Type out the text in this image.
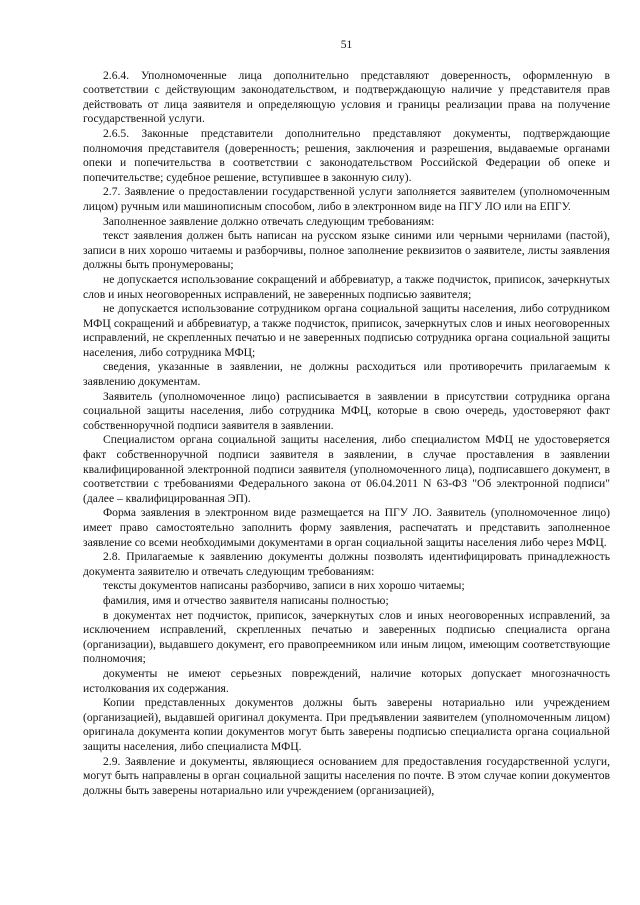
51

2.6.4. Уполномоченные лица дополнительно представляют доверенность, оформленную в соответствии с действующим законодательством, и подтверждающую наличие у представителя прав действовать от лица заявителя и определяющую условия и границы реализации права на получение государственной услуги.

2.6.5. Законные представители дополнительно представляют документы, подтверждающие полномочия представителя (доверенность; решения, заключения и разрешения, выдаваемые органами опеки и попечительства в соответствии с законодательством Российской Федерации об опеке и попечительстве; судебное решение, вступившее в законную силу).

2.7. Заявление о предоставлении государственной услуги заполняется заявителем (уполномоченным лицом) ручным или машинописным способом, либо в электронном виде на ПГУ ЛО или на ЕПГУ.

Заполненное заявление должно отвечать следующим требованиям:

текст заявления должен быть написан на русском языке синими или черными чернилами (пастой), записи в них хорошо читаемы и разборчивы, полное заполнение реквизитов о заявителе, листы заявления должны быть пронумерованы;

не допускается использование сокращений и аббревиатур, а также подчисток, приписок, зачеркнутых слов и иных неоговоренных исправлений, не заверенных подписью заявителя;

не допускается использование сотрудником органа социальной защиты населения, либо сотрудником МФЦ сокращений и аббревиатур, а также подчисток, приписок, зачеркнутых слов и иных неоговоренных исправлений, не скрепленных печатью и не заверенных подписью сотрудника органа социальной защиты населения, либо сотрудника МФЦ;

сведения, указанные в заявлении, не должны расходиться или противоречить прилагаемым к заявлению документам.

Заявитель (уполномоченное лицо) расписывается в заявлении в присутствии сотрудника органа социальной защиты населения, либо сотрудника МФЦ, которые в свою очередь, удостоверяют факт собственноручной подписи заявителя в заявлении.

Специалистом органа социальной защиты населения, либо специалистом МФЦ не удостоверяется факт собственноручной подписи заявителя в заявлении, в случае проставления в заявлении квалифицированной электронной подписи заявителя (уполномоченного лица), подписавшего документ, в соответствии с требованиями Федерального закона от 06.04.2011 N 63-ФЗ "Об электронной подписи" (далее – квалифицированная ЭП).

Форма заявления в электронном виде размещается на ПГУ ЛО. Заявитель (уполномоченное лицо) имеет право самостоятельно заполнить форму заявления, распечатать и представить заполненное заявление со всеми необходимыми документами в орган социальной защиты населения либо через МФЦ.

2.8. Прилагаемые к заявлению документы должны позволять идентифицировать принадлежность документа заявителю и отвечать следующим требованиям:

тексты документов написаны разборчиво, записи в них хорошо читаемы;

фамилия, имя и отчество заявителя написаны полностью;

в документах нет подчисток, приписок, зачеркнутых слов и иных неоговоренных исправлений, за исключением исправлений, скрепленных печатью и заверенных подписью специалиста органа (организации), выдавшего документ, его правопреемником или иным лицом, имеющим соответствующие полномочия;

документы не имеют серьезных повреждений, наличие которых допускает многозначность истолкования их содержания.

Копии представленных документов должны быть заверены нотариально или учреждением (организацией), выдавшей оригинал документа. При предъявлении заявителем (уполномоченным лицом) оригинала документа копии документов могут быть заверены подписью специалиста органа социальной защиты населения, либо специалиста МФЦ.

2.9. Заявление и документы, являющиеся основанием для предоставления государственной услуги, могут быть направлены в орган социальной защиты населения по почте. В этом случае копии документов должны быть заверены нотариально или учреждением (организацией),
